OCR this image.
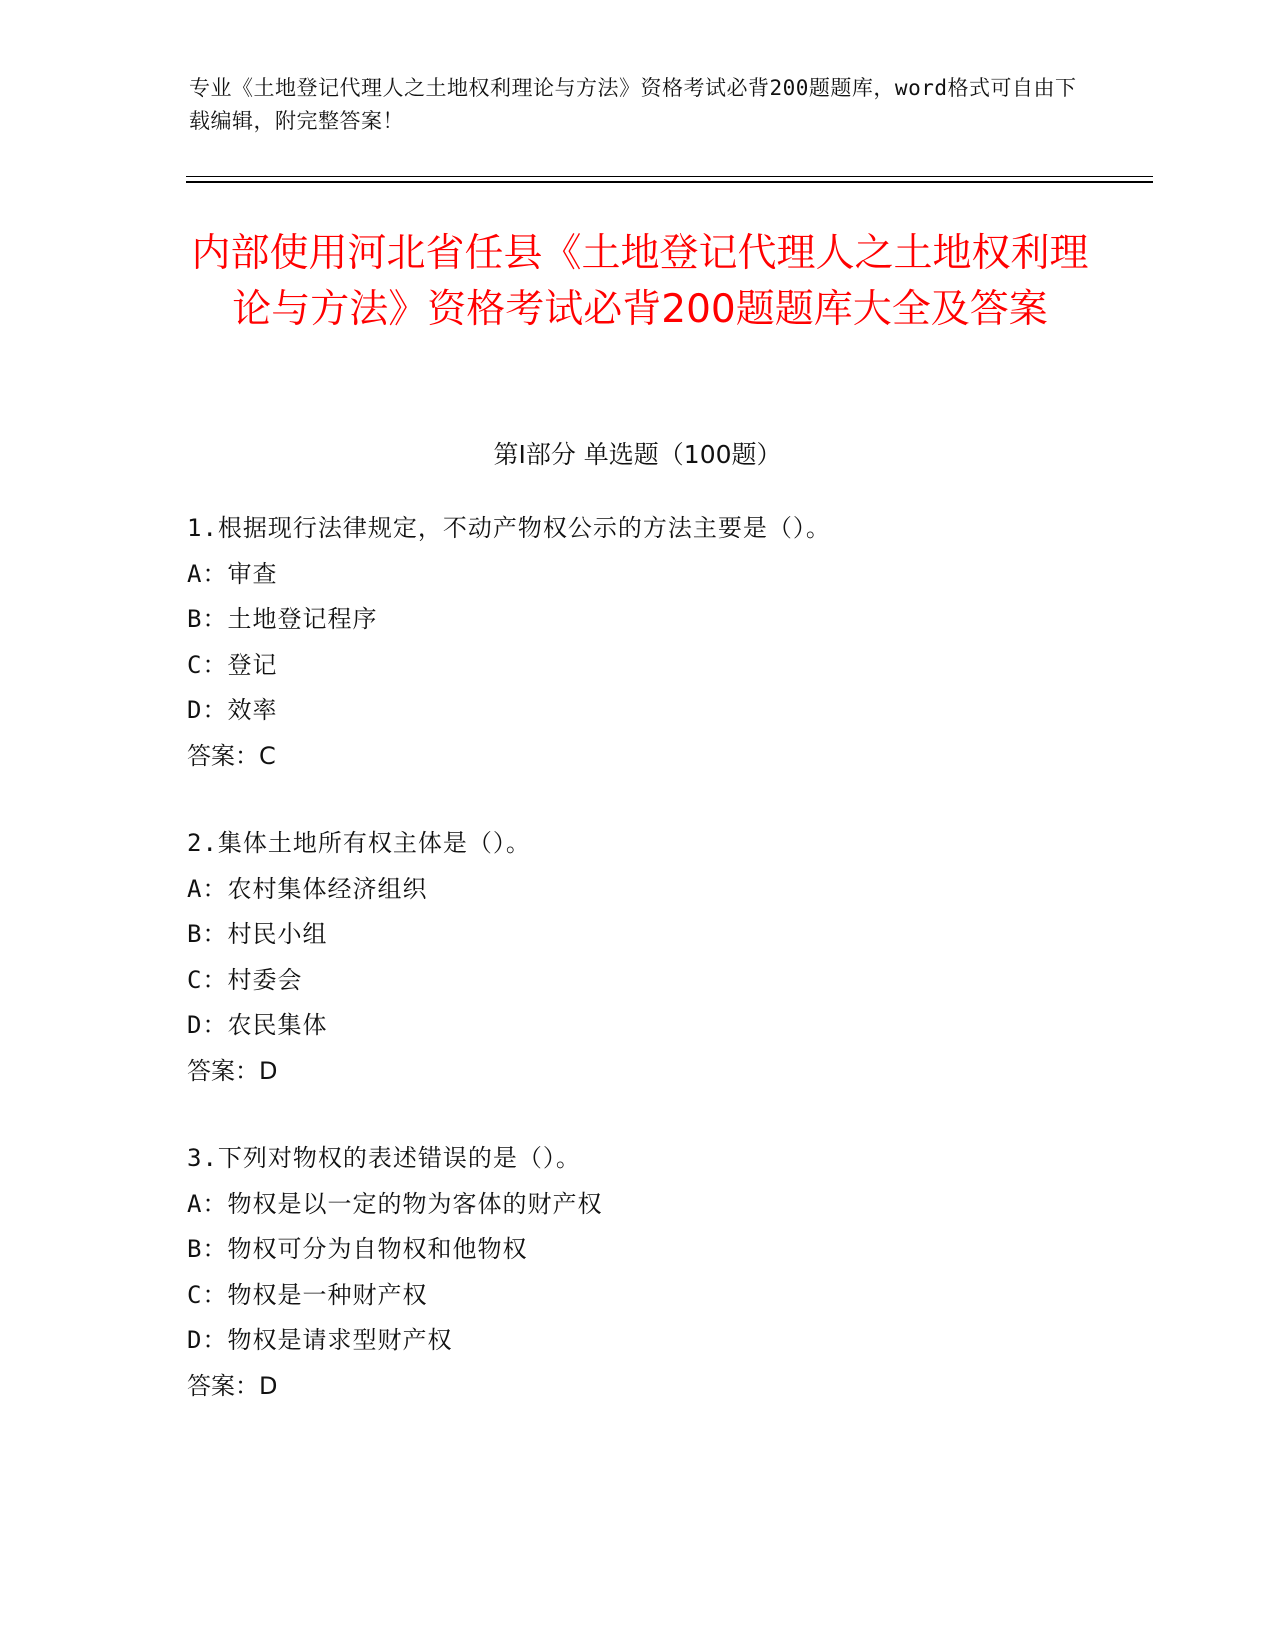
专业《土地登记代理人之土地权利理论与方法》资格考试必背200题题库，word格式可自由下载编辑，附完整答案！
内部使用河北省任县《土地登记代理人之土地权利理论与方法》资格考试必背200题题库大全及答案
第Ⅰ部分 单选题（100题）
1.根据现行法律规定，不动产物权公示的方法主要是（）。
A：审查
B：土地登记程序
C：登记
D：效率
答案：C
2.集体土地所有权主体是（）。
A：农村集体经济组织
B：村民小组
C：村委会
D：农民集体
答案：D
3.下列对物权的表述错误的是（）。
A：物权是以一定的物为客体的财产权
B：物权可分为自物权和他物权
C：物权是一种财产权
D：物权是请求型财产权
答案：D
